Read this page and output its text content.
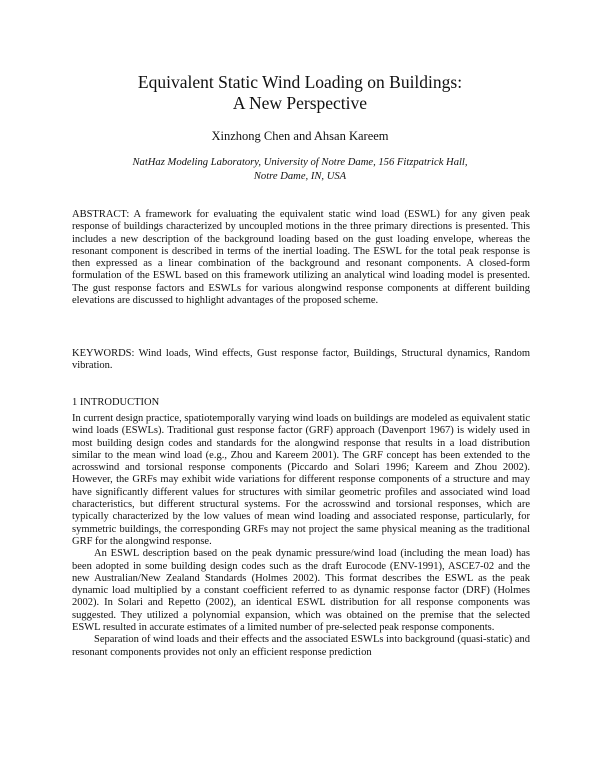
Equivalent Static Wind Loading on Buildings:
A New Perspective
Xinzhong Chen and Ahsan Kareem
NatHaz Modeling Laboratory, University of Notre Dame, 156 Fitzpatrick Hall,
Notre Dame, IN, USA

ABSTRACT: A framework for evaluating the equivalent static wind load (ESWL) for any given peak response of buildings characterized by uncoupled motions in the three primary directions is presented. This includes a new description of the background loading based on the gust loading envelope, whereas the resonant component is described in terms of the inertial loading. The ESWL for the total peak response is then expressed as a linear combination of the background and resonant components. A closed-form formulation of the ESWL based on this framework utilizing an analytical wind loading model is presented. The gust response factors and ESWLs for various alongwind response components at different building elevations are discussed to highlight advantages of the proposed scheme.

KEYWORDS: Wind loads, Wind effects, Gust response factor, Buildings, Structural dynamics, Random vibration.

1 INTRODUCTION

In current design practice, spatiotemporally varying wind loads on buildings are modeled as equivalent static wind loads (ESWLs). Traditional gust response factor (GRF) approach (Davenport 1967) is widely used in most building design codes and standards for the alongwind response that results in a load distribution similar to the mean wind load (e.g., Zhou and Kareem 2001). The GRF concept has been extended to the acrosswind and torsional response components (Piccardo and Solari 1996; Kareem and Zhou 2002). However, the GRFs may exhibit wide variations for different response components of a structure and may have significantly different values for structures with similar geometric profiles and associated wind load characteristics, but different structural systems. For the acrosswind and torsional responses, which are typically characterized by the low values of mean wind loading and associated response, particularly, for symmetric buildings, the corresponding GRFs may not project the same physical meaning as the traditional GRF for the alongwind response.

An ESWL description based on the peak dynamic pressure/wind load (including the mean load) has been adopted in some building design codes such as the draft Eurocode (ENV-1991), ASCE7-02 and the new Australian/New Zealand Standards (Holmes 2002). This format describes the ESWL as the peak dynamic load multiplied by a constant coefficient referred to as dynamic response factor (DRF) (Holmes 2002). In Solari and Repetto (2002), an identical ESWL distribution for all response components was suggested. They utilized a polynomial expansion, which was obtained on the premise that the selected ESWL resulted in accurate estimates of a limited number of pre-selected peak response components.

Separation of wind loads and their effects and the associated ESWLs into background (quasi-static) and resonant components provides not only an efficient response prediction
